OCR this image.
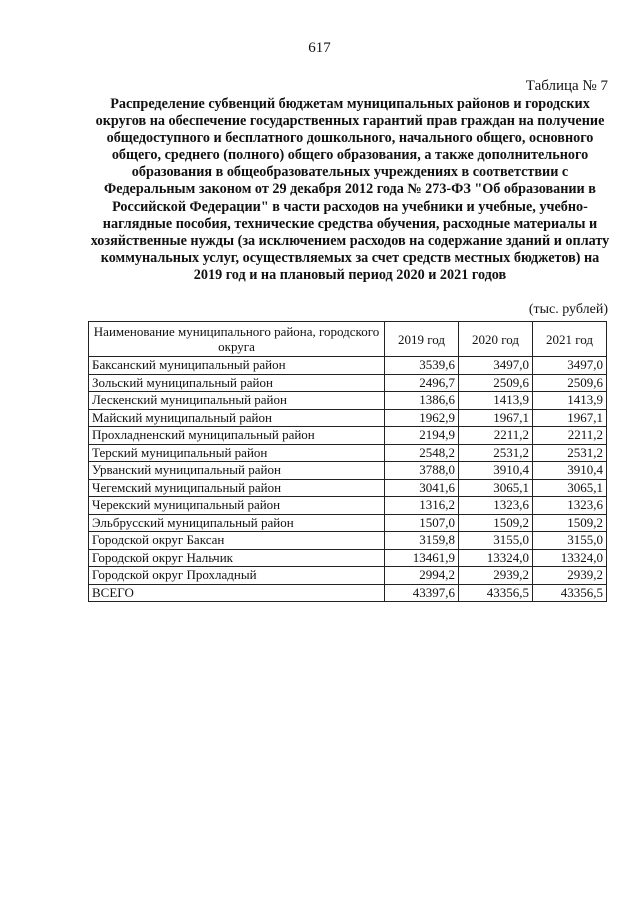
617
Таблица № 7
Распределение субвенций бюджетам муниципальных районов и городских округов на обеспечение государственных гарантий прав граждан на получение общедоступного и бесплатного дошкольного, начального общего, основного общего, среднего (полного) общего образования, а также дополнительного образования в общеобразовательных учреждениях в соответствии с Федеральным законом от 29 декабря 2012 года № 273-ФЗ "Об образовании в Российской Федерации" в части расходов на учебники и учебные, учебно-наглядные пособия, технические средства обучения, расходные материалы и хозяйственные нужды (за исключением расходов на содержание зданий и оплату коммунальных услуг, осуществляемых за счет средств местных бюджетов) на 2019 год и на плановый период 2020 и 2021 годов
(тыс. рублей)
Наименование муниципального района, городского округа	2019 год	2020 год	2021 год
Баксанский муниципальный район	3539,6	3497,0	3497,0
Зольский муниципальный район	2496,7	2509,6	2509,6
Лескенский муниципальный район	1386,6	1413,9	1413,9
Майский муниципальный район	1962,9	1967,1	1967,1
Прохладненский муниципальный район	2194,9	2211,2	2211,2
Терский муниципальный район	2548,2	2531,2	2531,2
Урванский муниципальный район	3788,0	3910,4	3910,4
Чегемский муниципальный район	3041,6	3065,1	3065,1
Черекский муниципальный район	1316,2	1323,6	1323,6
Эльбрусский муниципальный район	1507,0	1509,2	1509,2
Городской округ Баксан	3159,8	3155,0	3155,0
Городской округ Нальчик	13461,9	13324,0	13324,0
Городской округ Прохладный	2994,2	2939,2	2939,2
ВСЕГО	43397,6	43356,5	43356,5
